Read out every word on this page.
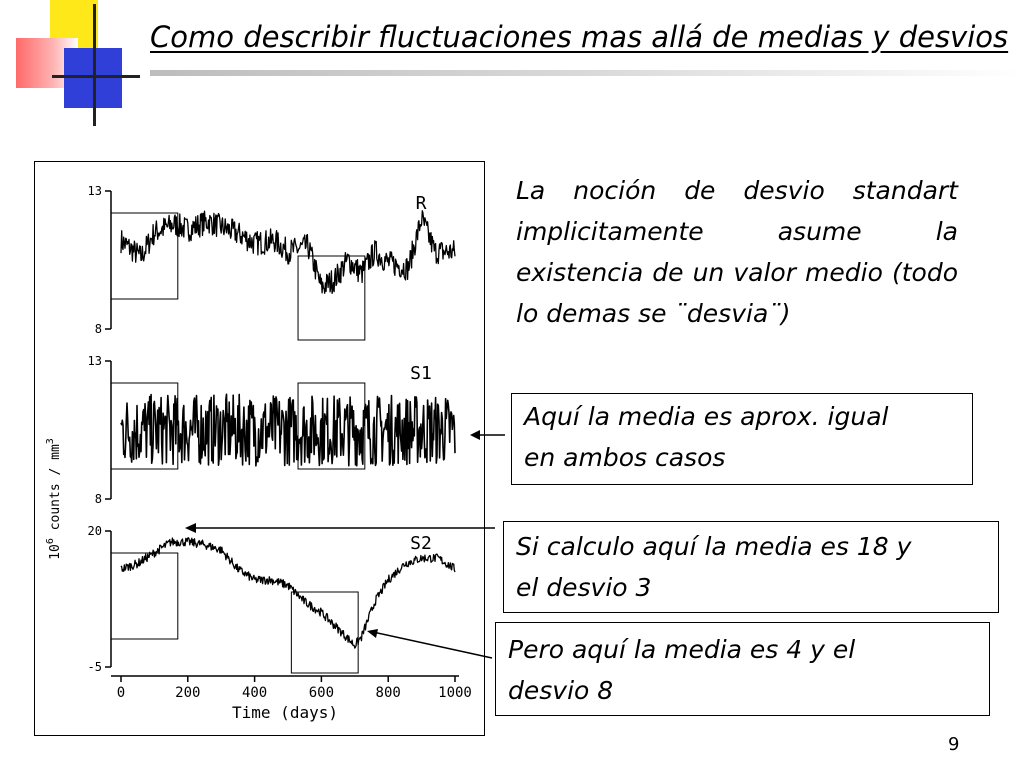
Como describir fluctuaciones mas allá de medias y desvios
13
8
R
13
8
S1
20
-5
S2
0	200	400	600	800	1000
Time (days)
$10^6$ counts / $mm^3$
La noción de desvio standart implicitamente asume la existencia de un valor medio (todo lo demas se ¨desvia¨)
Aquí la media es aprox. igual
en ambos casos
Si calculo aquí la media es 18 y
el desvio 3
Pero aquí la media es 4 y el
desvio 8
9
